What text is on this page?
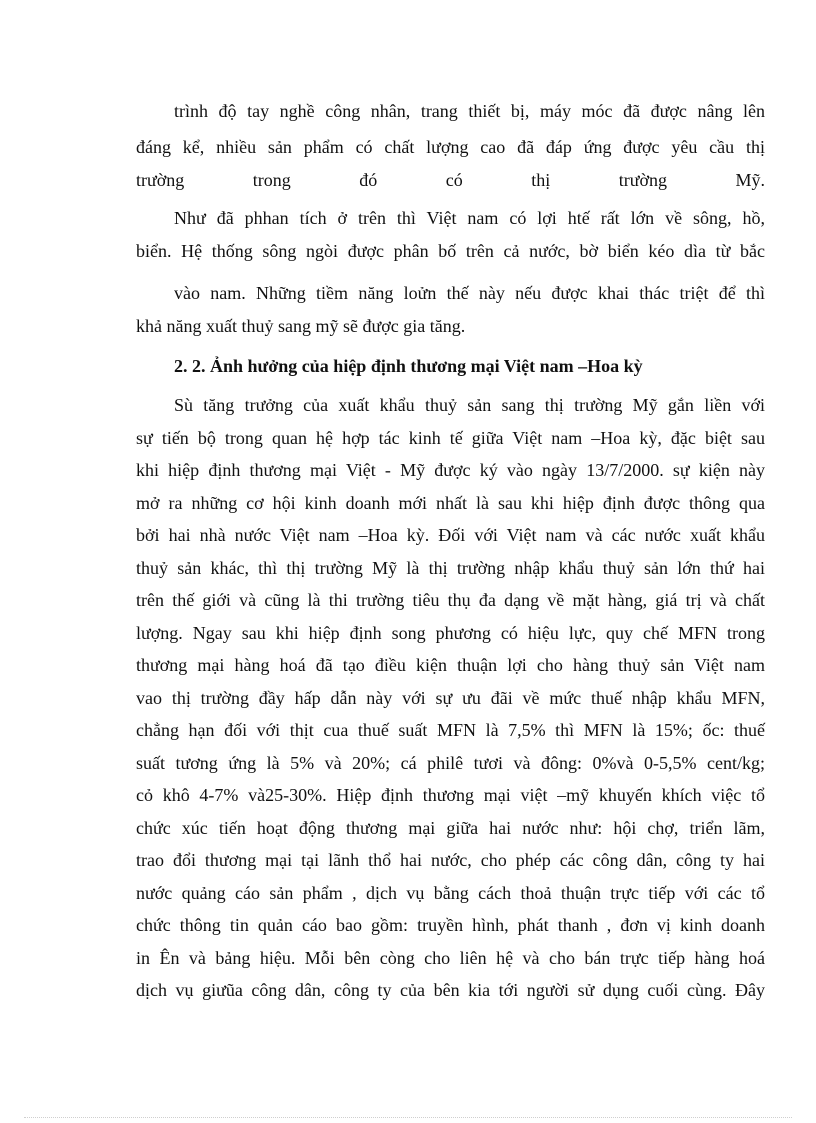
trình độ tay nghề công nhân, trang thiết bị, máy móc đã được nâng lên
đáng kể, nhiều sản phẩm có chất lượng cao đã đáp ứng được yêu cầu thị
trường trong đó có thị trường Mỹ.
Như đã phhan tích ở trên thì Việt nam có lợi htế rất lớn về sông, hồ,
biển. Hệ thống sông ngòi được phân bố trên cả nước, bờ biển kéo dìa từ bắc
vào nam. Những tiềm năng loửn thế này nếu được khai thác triệt để thì
khả năng xuất thuỷ sang mỹ sẽ được gia tăng.
2. 2. Ảnh hưởng của hiệp định thương mại Việt nam –Hoa kỳ
Sù tăng trưởng của xuất khẩu thuỷ sản sang thị trường Mỹ gắn liền với
sự tiến bộ trong quan hệ hợp tác kinh tế giữa Việt nam –Hoa kỳ, đặc biệt sau
khi hiệp định thương mại Việt - Mỹ được ký vào ngày 13/7/2000. sự kiện này
mở ra những cơ hội kinh doanh mới nhất là sau khi hiệp định được thông qua
bởi hai nhà nước Việt nam –Hoa kỳ. Đối với Việt nam và các nước xuất khẩu
thuỷ sản khác, thì thị trường Mỹ là thị trường nhập khẩu thuỷ sản lớn thứ hai
trên thế giới và cũng là thi trường tiêu thụ đa dạng về mặt hàng, giá trị và chất
lượng. Ngay sau khi hiệp định song phương có hiệu lực, quy chế MFN trong
thương mại hàng hoá đã tạo điều kiện thuận lợi cho hàng thuỷ sản Việt nam
vao thị trường đầy hấp dẫn này với sự ưu đãi về mức thuế nhập khẩu MFN,
chẳng hạn đối với thịt cua thuế suất MFN là 7,5% thì MFN là 15%; ốc: thuế
suất tương ứng là 5% và 20%; cá philê tươi và đông: 0%và 0-5,5% cent/kg;
cỏ khô 4-7% và25-30%. Hiệp định thương mại việt –mỹ khuyến khích việc tổ
chức xúc tiến hoạt động thương mại giữa hai nước như: hội chợ, triển lãm,
trao đổi thương mại tại lãnh thổ hai nước, cho phép các công dân, công ty hai
nước quảng cáo sản phẩm , dịch vụ bằng cách thoả thuận trực tiếp với các tổ
chức thông tin quản cáo bao gồm: truyền hình, phát thanh , đơn vị kinh doanh
in Ên và bảng hiệu. Mỗi bên còng cho liên hệ và cho bán trực tiếp hàng hoá
dịch vụ giưũa công dân, công ty của bên kia tới người sử dụng cuối cùng. Đây
